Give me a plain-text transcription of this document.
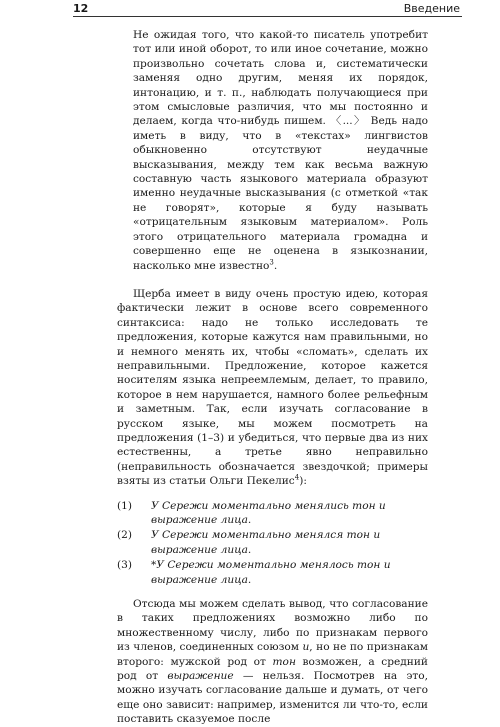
12	Введение

Не ожидая того, что какой-то писатель употребит тот или иной оборот, то или иное сочетание, можно произвольно сочетать слова и, систематически заменяя одно другим, меняя их порядок, интонацию, и т. п., наблюдать получающиеся при этом смысловые различия, что мы постоянно и делаем, когда что-нибудь пишем. 〈...〉 Ведь надо иметь в виду, что в «текстах» лингвистов обыкновенно отсутствуют неудачные высказывания, между тем как весьма важную составную часть языкового материала образуют именно неудачные высказывания (с отметкой «так не говорят», которые я буду называть «отрицательным языковым материалом». Роль этого отрицательного материала громадна и совершенно еще не оценена в языкознании, насколько мне известно$^3$.

Щерба имеет в виду очень простую идею, которая фактически лежит в основе всего современного синтаксиса: надо не только исследовать те предложения, которые кажутся нам правильными, но и немного менять их, чтобы «сломать», сделать их неправильными. Предложение, которое кажется носителям языка непреемлемым, делает, то правило, которое в нем нарушается, намного более рельефным и заметным. Так, если изучать согласование в русском языке, мы можем посмотреть на предложения (1–3) и убедиться, что первые два из них естественны, а третье явно неправильно (неправильность обозначается звездочкой; примеры взяты из статьи Ольги Пекелис$^4$):

(1)	У Сережи моментально менялись тон и выражение лица.
(2)	У Сережи моментально менялся тон и выражение лица.
(3)	*У Сережи моментально менялось тон и выражение лица.

Отсюда мы можем сделать вывод, что согласование в таких предложениях возможно либо по множественному числу, либо по признакам первого из членов, соединенных союзом и, но не по признакам второго: мужской род от тон возможен, а средний род от выражение — нельзя. Посмотрев на это, можно изучать согласование дальше и думать, от чего еще оно зависит: например, изменится ли что-то, если поставить сказуемое после
